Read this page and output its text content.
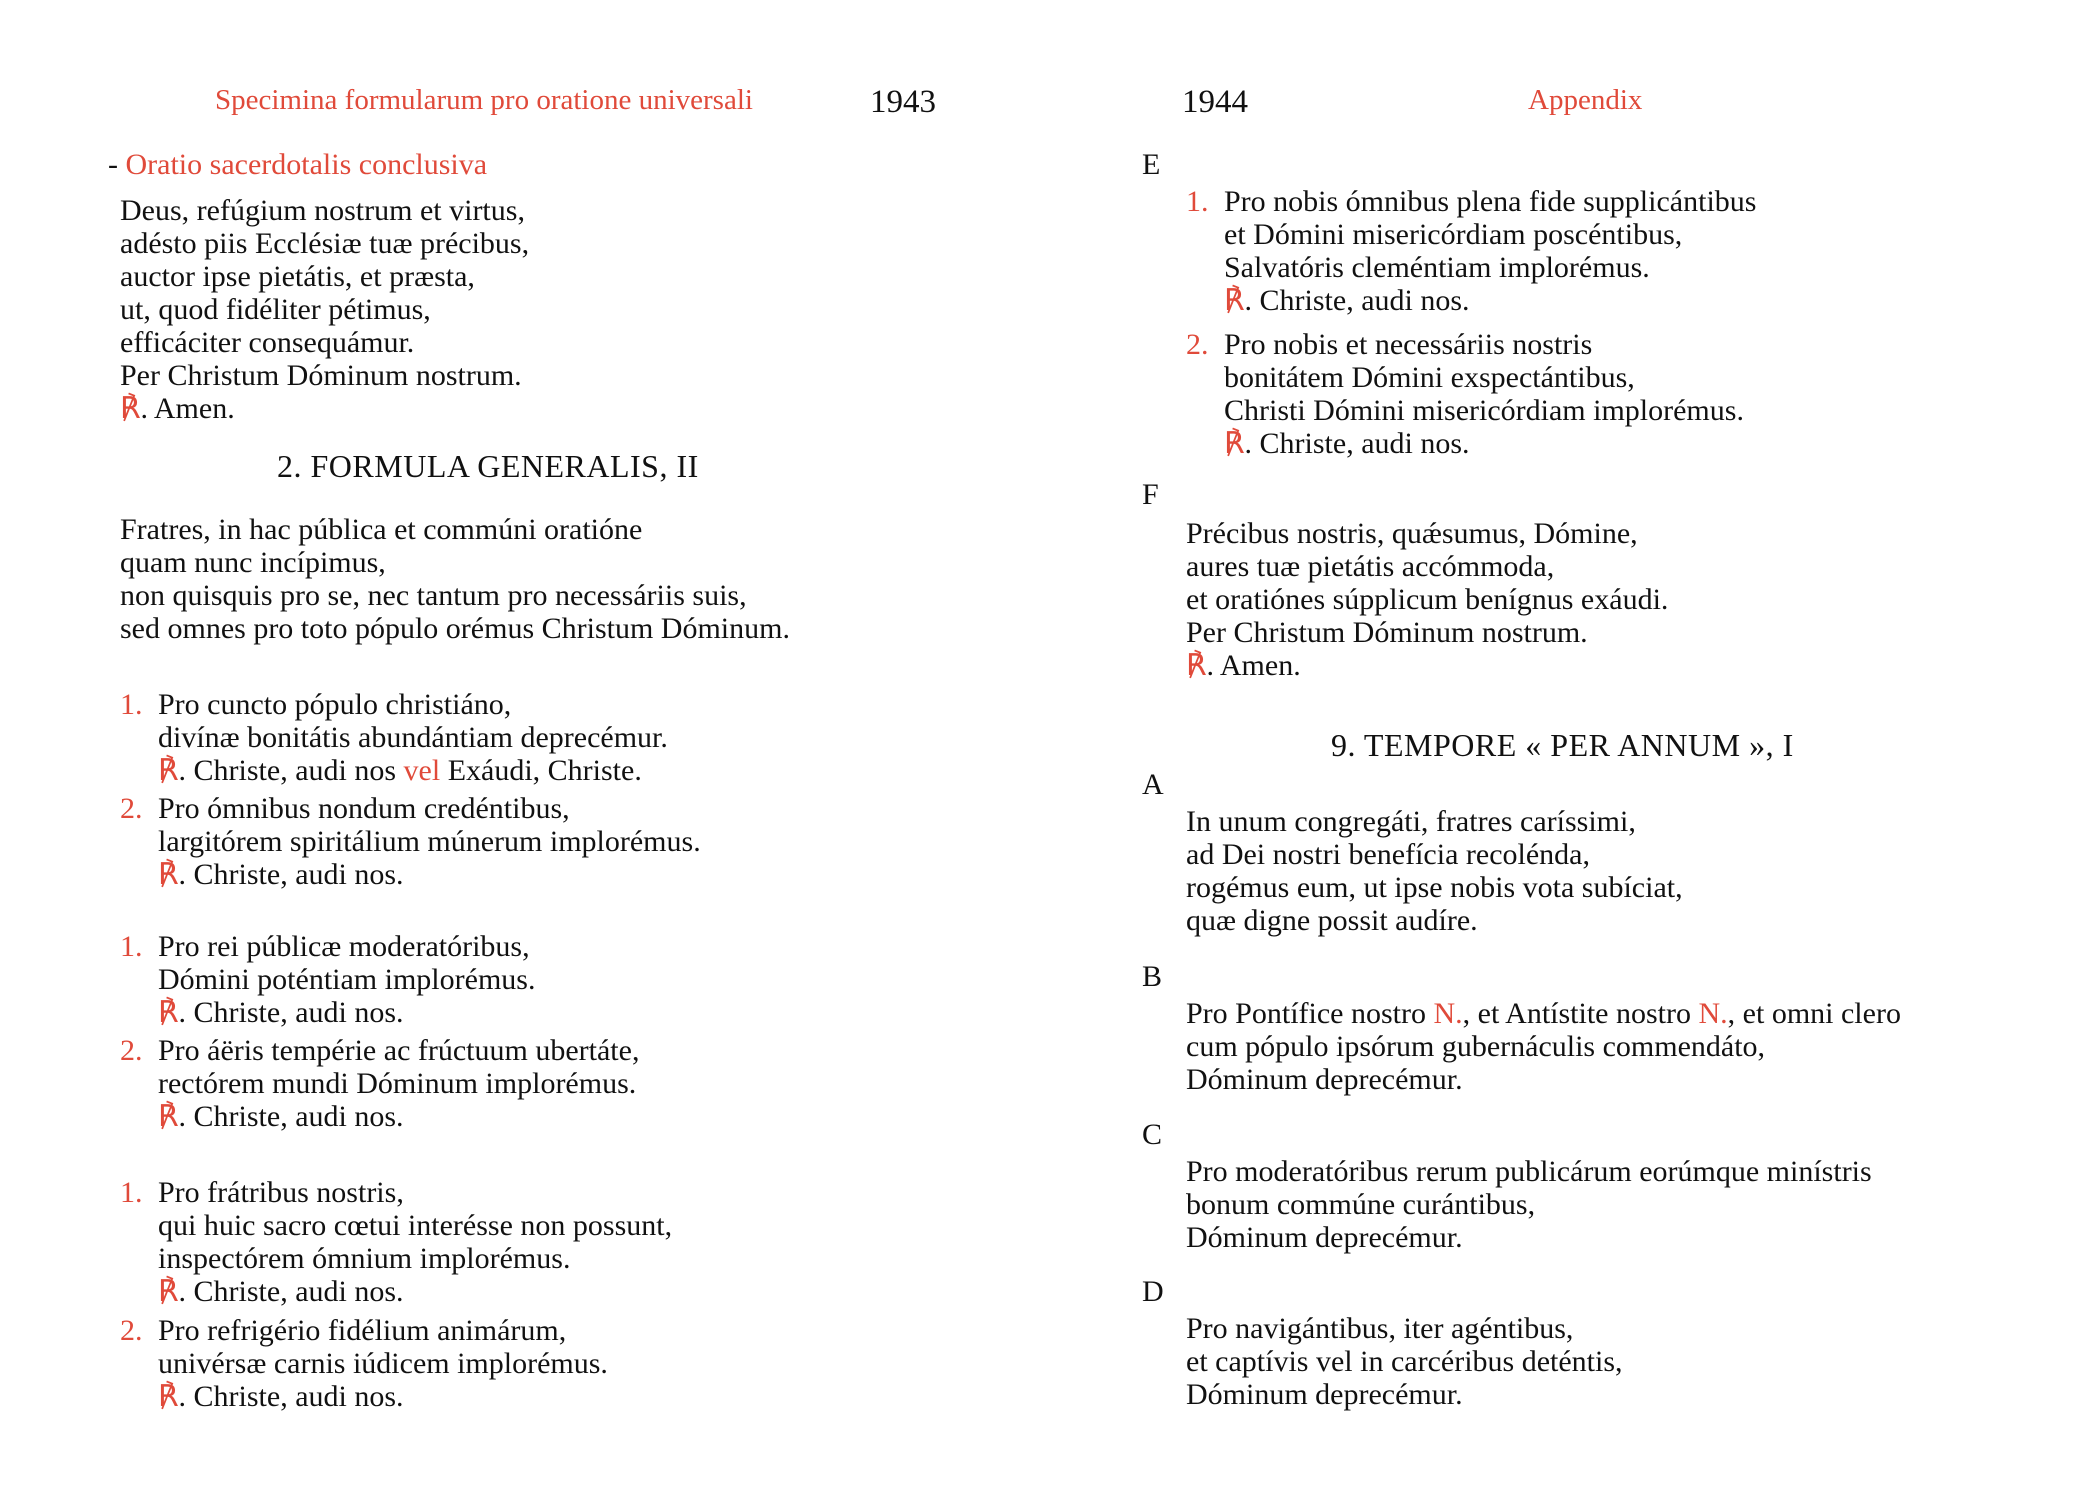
Specimina formularum pro oratione universali	1943
- Oratio sacerdotalis conclusiva
Deus, refúgium nostrum et virtus,
adésto piis Ecclésiæ tuæ précibus,
auctor ipse pietátis, et præsta,
ut, quod fidéliter pétimus,
efficáciter consequámur.
Per Christum Dóminum nostrum.
℟. Amen.
2. FORMULA GENERALIS, II
Fratres, in hac pública et commúni oratióne
quam nunc incípimus,
non quisquis pro se, nec tantum pro necessáriis suis,
sed omnes pro toto pópulo orémus Christum Dóminum.
1. Pro cuncto pópulo christiáno,
divínæ bonitátis abundántiam deprecémur.
℟. Christe, audi nos vel Exáudi, Christe.
2. Pro ómnibus nondum credéntibus,
largitórem spiritálium múnerum implorémus.
℟. Christe, audi nos.
1. Pro rei públicæ moderatóribus,
Dómini poténtiam implorémus.
℟. Christe, audi nos.
2. Pro áëris tempérie ac frúctuum ubertáte,
rectórem mundi Dóminum implorémus.
℟. Christe, audi nos.
1. Pro frátribus nostris,
qui huic sacro cœtui interésse non possunt,
inspectórem ómnium implorémus.
℟. Christe, audi nos.
2. Pro refrigério fidélium animárum,
univérsæ carnis iúdicem implorémus.
℟. Christe, audi nos.
1944	Appendix
E
1. Pro nobis ómnibus plena fide supplicántibus
et Dómini misericórdiam poscéntibus,
Salvatóris cleméntiam implorémus.
℟. Christe, audi nos.
2. Pro nobis et necessáriis nostris
bonitátem Dómini exspectántibus,
Christi Dómini misericórdiam implorémus.
℟. Christe, audi nos.
F
Précibus nostris, quǽsumus, Dómine,
aures tuæ pietátis accómmoda,
et oratiónes súpplicum benígnus exáudi.
Per Christum Dóminum nostrum.
℟. Amen.
9. TEMPORE « PER ANNUM », I
A
In unum congregáti, fratres caríssimi,
ad Dei nostri benefícia recolénda,
rogémus eum, ut ipse nobis vota subíciat,
quæ digne possit audíre.
B
Pro Pontífice nostro N., et Antístite nostro N., et omni clero
cum pópulo ipsórum gubernáculis commendáto,
Dóminum deprecémur.
C
Pro moderatóribus rerum publicárum eorúmque minístris
bonum commúne curántibus,
Dóminum deprecémur.
D
Pro navigántibus, iter agéntibus,
et captívis vel in carcéribus deténtis,
Dóminum deprecémur.
